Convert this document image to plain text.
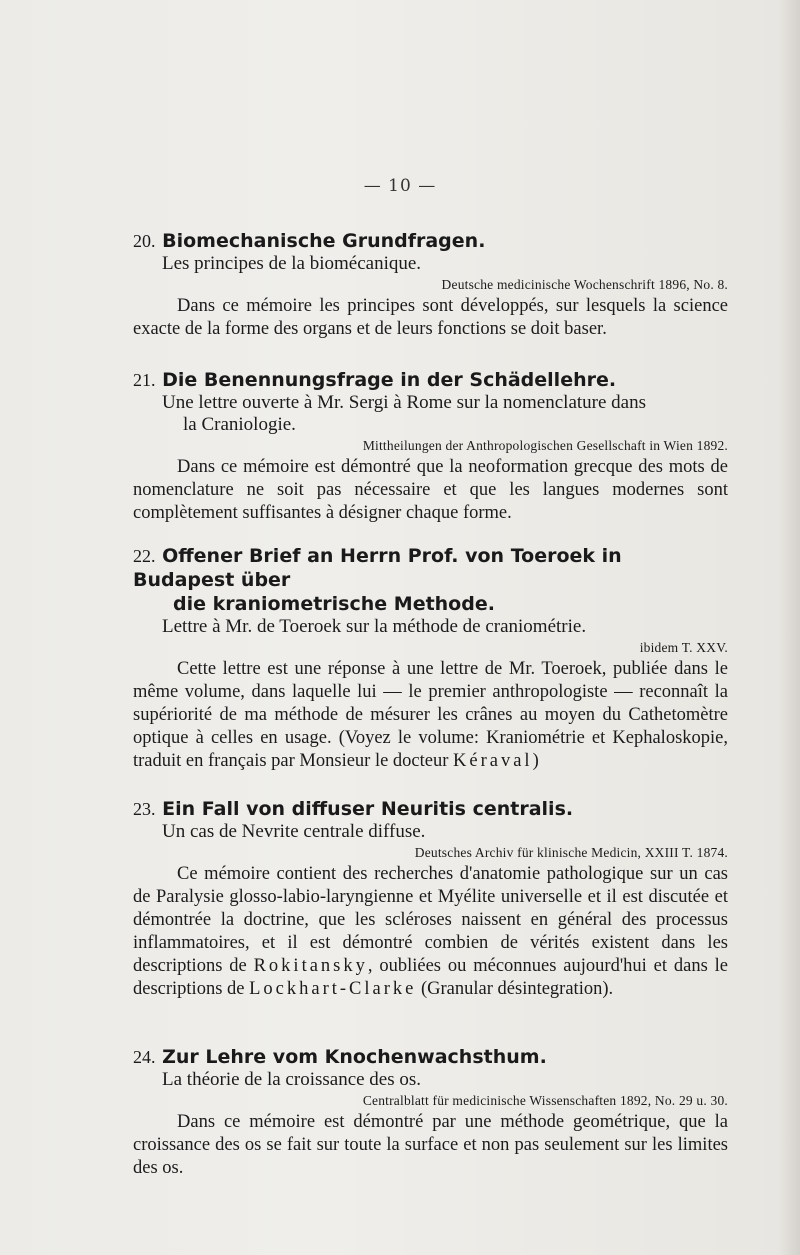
— 10 —
20. Biomechanische Grundfragen.
Les principes de la biomécanique.
Deutsche medicinische Wochenschrift 1896, No. 8.

Dans ce mémoire les principes sont développés, sur lesquels la science exacte de la forme des organs et de leurs fonctions se doit baser.

21. Die Benennungsfrage in der Schädellehre.
Une lettre ouverte à Mr. Sergi à Rome sur la nomenclature dans
la Craniologie.
Mittheilungen der Anthropologischen Gesellschaft in Wien 1892.

Dans ce mémoire est démontré que la neoformation grecque des mots de nomenclature ne soit pas nécessaire et que les langues modernes sont complètement suffisantes à désigner chaque forme.

22. Offener Brief an Herrn Prof. von Toeroek in Budapest über
die kraniometrische Methode.
Lettre à Mr. de Toeroek sur la méthode de craniométrie.
ibidem T. XXV.

Cette lettre est une réponse à une lettre de Mr. Toeroek, publiée dans le même volume, dans laquelle lui — le premier anthropologiste — reconnaît la supériorité de ma méthode de mésurer les crânes au moyen du Cathetomètre optique à celles en usage. (Voyez le volume: Kraniométrie et Kephaloskopie, traduit en français par Monsieur le docteur Kéraval)

23. Ein Fall von diffuser Neuritis centralis.
Un cas de Nevrite centrale diffuse.
Deutsches Archiv für klinische Medicin, XXIII T. 1874.

Ce mémoire contient des recherches d'anatomie pathologique sur un cas de Paralysie glosso-labio-laryngienne et Myélite universelle et il est discutée et démontrée la doctrine, que les scléroses naissent en général des processus inflammatoires, et il est démontré combien de vérités existent dans les descriptions de Rokitansky, oubliées ou méconnues aujourd'hui et dans le descriptions de Lockhart-Clarke (Granular désintegration).

24. Zur Lehre vom Knochenwachsthum.
La théorie de la croissance des os.
Centralblatt für medicinische Wissenschaften 1892, No. 29 u. 30.

Dans ce mémoire est démontré par une méthode geométrique, que la croissance des os se fait sur toute la surface et non pas seulement sur les limites des os.
